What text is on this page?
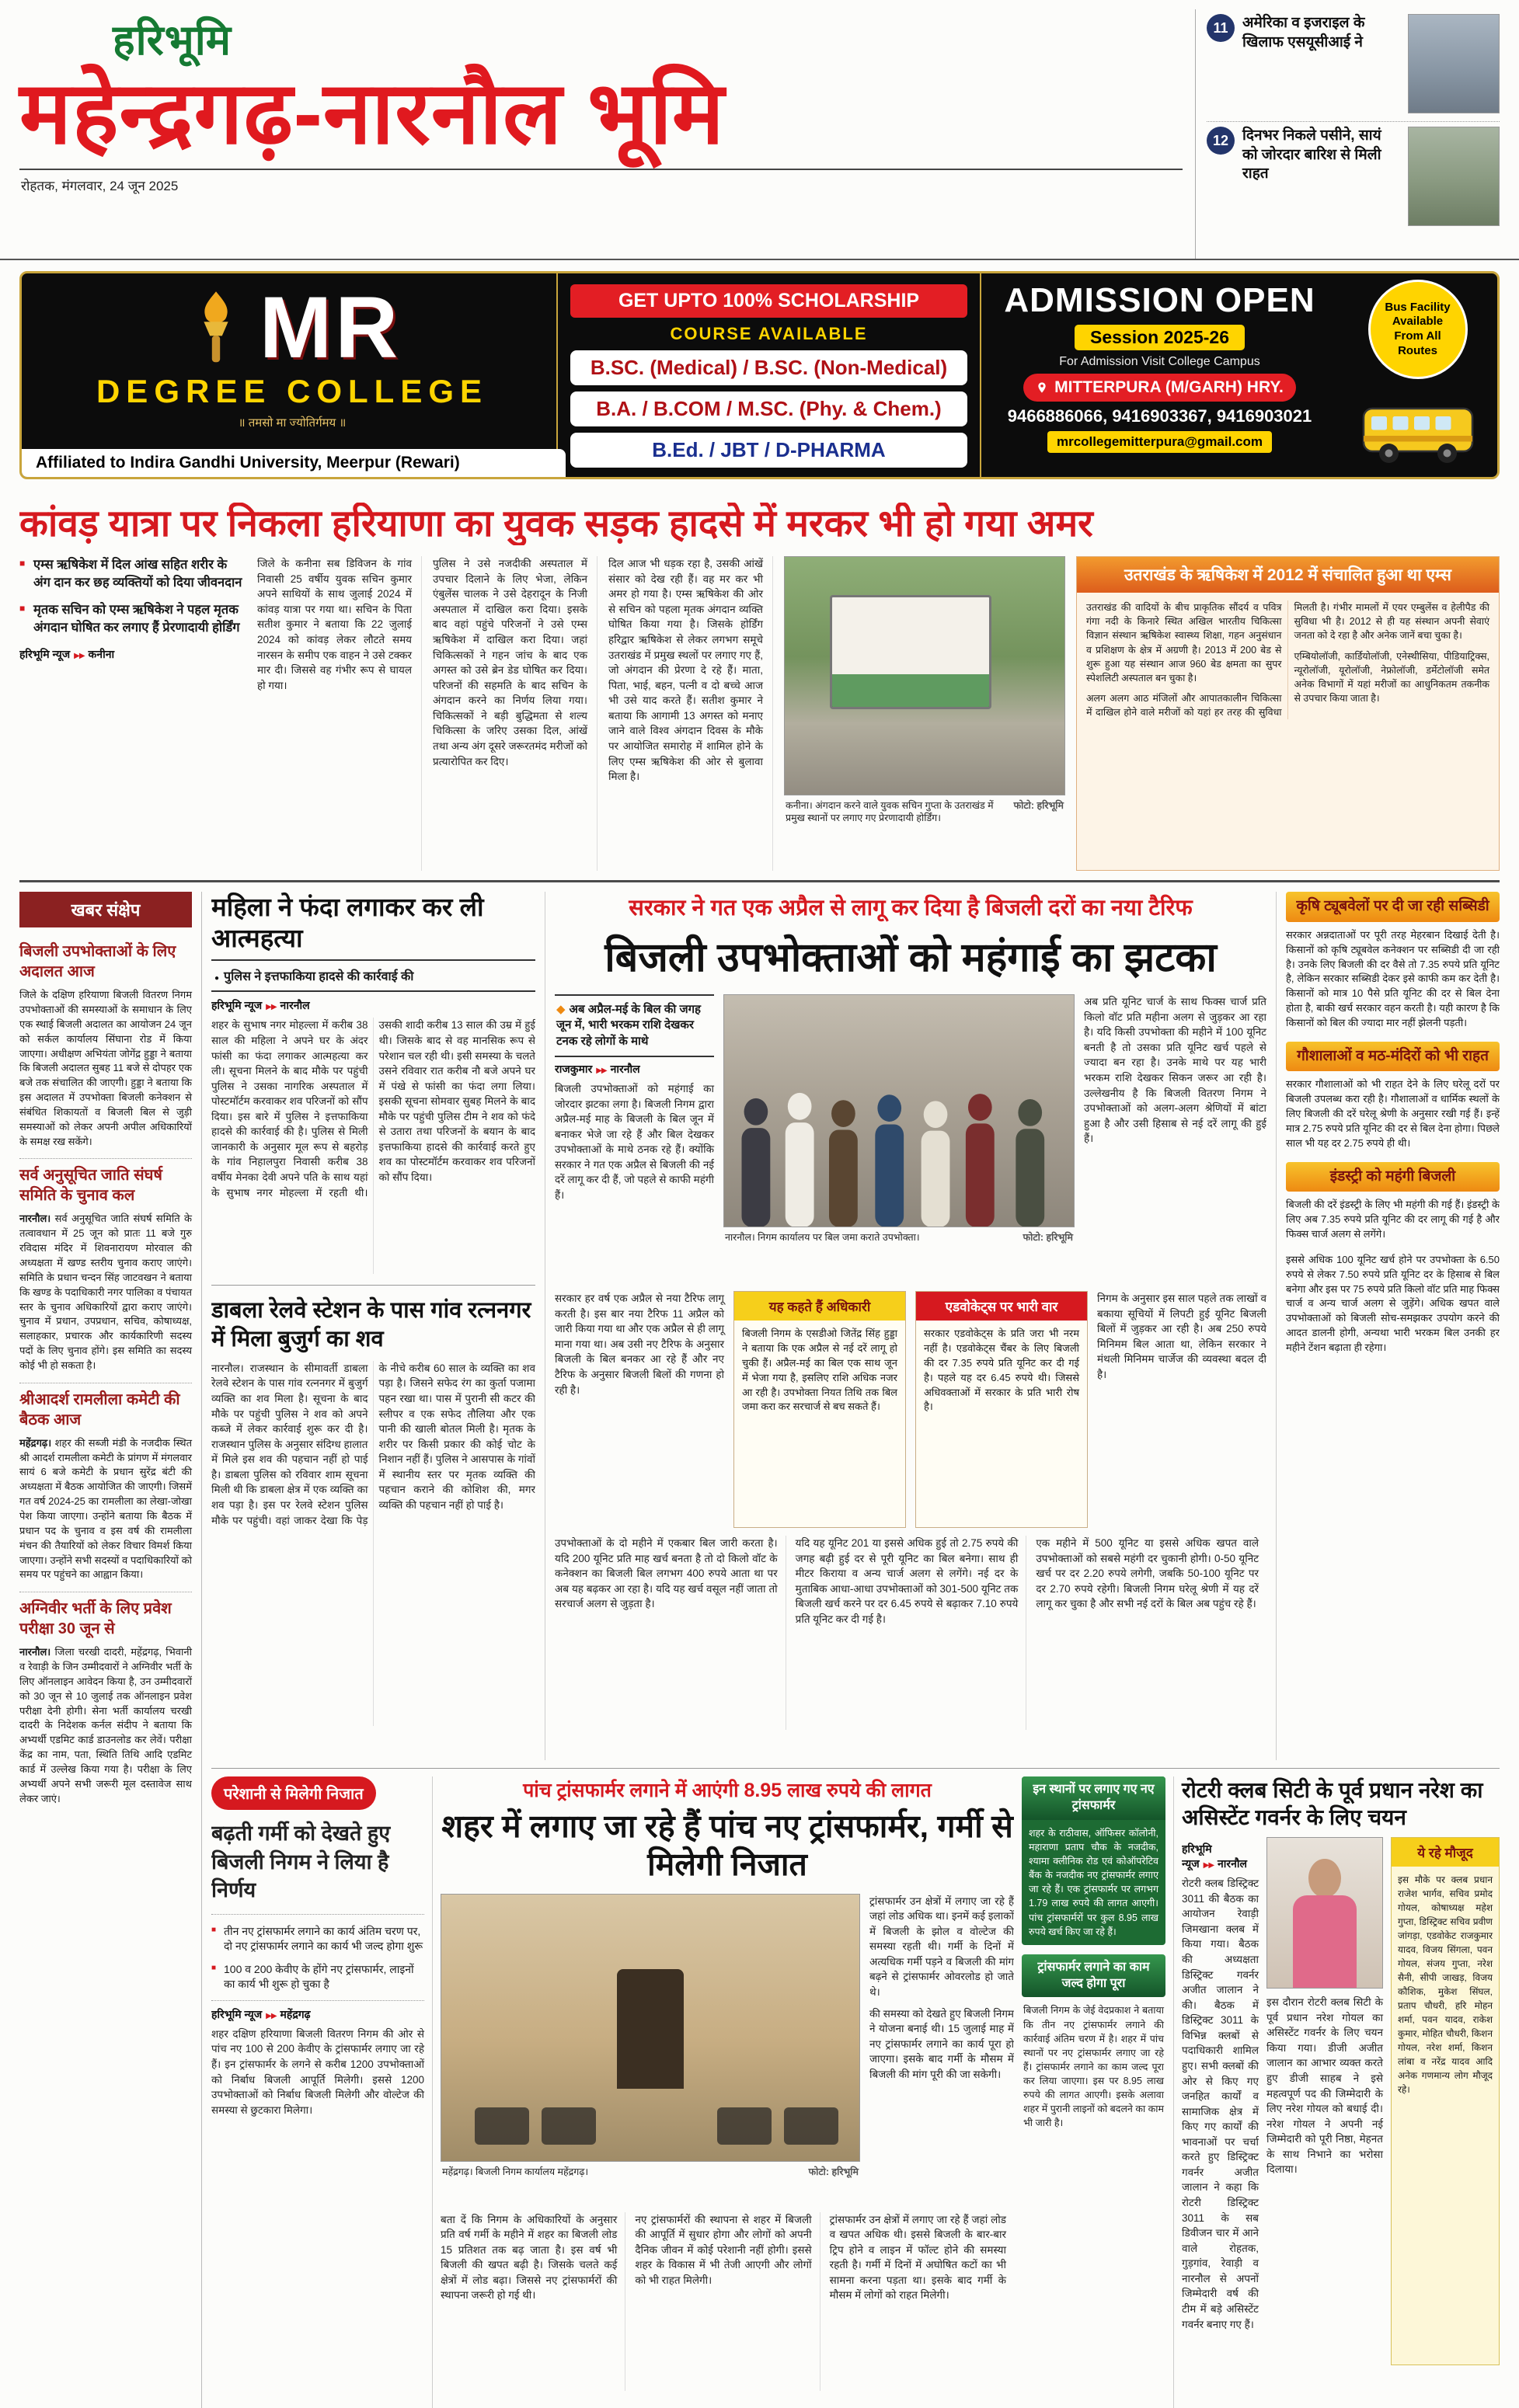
हरिभूमि
महेन्द्रगढ़-नारनौल भूमि
रोहतक, मंगलवार, 24 जून 2025
11 अमेरिका व इजराइल के खिलाफ एसयूसीआई ने

12 दिनभर निकले पसीने, सायं को जोरदार बारिश से मिली राहत

MR
DEGREE COLLEGE
॥ तमसो मा ज्योतिर्गमय ॥
Affiliated to Indira Gandhi University, Meerpur (Rewari)
GET UPTO 100% SCHOLARSHIP
COURSE AVAILABLE
B.SC. (Medical) / B.SC. (Non-Medical)
B.A. / B.COM / M.SC. (Phy. & Chem.)
B.Ed. / JBT / D-PHARMA
ADMISSION OPEN
Session 2025-26
For Admission Visit College Campus
MITTERPURA (M/GARH) HRY.
9466886066, 9416903367, 9416903021
mrcollegemitterpura@gmail.com
Bus Facility Available From All Routes
कांवड़ यात्रा पर निकला हरियाणा का युवक सड़क हादसे में मरकर भी हो गया अमर

■ एम्स ऋषिकेश में दिल आंख सहित शरीर के अंग दान कर छह व्यक्तियों को दिया जीवनदान

■ मृतक सचिन को एम्स ऋषिकेश ने पहल मृतक अंगदान घोषित कर लगाए हैं प्रेरणादायी होर्डिंग

हरिभूमि न्यूज ▶▶ कनीना

जिले के कनीना सब डिविजन के गांव निवासी 25 वर्षीय युवक सचिन कुमार अपने साथियों के साथ जुलाई 2024 में कांवड़ यात्रा पर गया था। सचिन के पिता सतीश कुमार ने बताया कि 22 जुलाई 2024 को कांवड़ लेकर लौटते समय नारसन के समीप एक वाहन ने उसे टक्कर मार दी। जिससे वह गंभीर रूप से घायल हो गया।

पुलिस ने उसे नजदीकी अस्पताल में उपचार दिलाने के लिए भेजा, लेकिन एंबुलेंस चालक ने उसे देहरादून के निजी अस्पताल में दाखिल करा दिया। इसके बाद वहां पहुंचे परिजनों ने उसे एम्स ऋषिकेश में दाखिल करा दिया। जहां चिकित्सकों ने गहन जांच के बाद एक अगस्त को उसे ब्रेन डेड घोषित कर दिया। परिजनों की सहमति के बाद सचिन के अंगदान करने का निर्णय लिया गया। चिकित्सकों ने बड़ी बुद्धिमता से शल्य चिकित्सा के जरिए उसका दिल, आंखें तथा अन्य अंग दूसरे जरूरतमंद मरीजों को प्रत्यारोपित कर दिए।

दिल आज भी धड़क रहा है, उसकी आंखें संसार को देख रही हैं। वह मर कर भी अमर हो गया है। एम्स ऋषिकेश की ओर से सचिन को पहला मृतक अंगदान व्यक्ति घोषित किया गया है। जिसके होर्डिंग हरिद्वार ऋषिकेश से लेकर लगभग समूचे उतराखंड में प्रमुख स्थलों पर लगाए गए हैं, जो अंगदान की प्रेरणा दे रहे हैं। माता, पिता, भाई, बहन, पत्नी व दो बच्चे आज भी उसे याद करते हैं। सतीश कुमार ने बताया कि आगामी 13 अगस्त को मनाए जाने वाले विश्व अंगदान दिवस के मौके पर आयोजित समारोह में शामिल होने के लिए एम्स ऋषिकेश की ओर से बुलावा मिला है।

फोटो: हरिभूमि
कनीना। अंगदान करने वाले युवक सचिन गुप्ता के उतराखंड में प्रमुख स्थानों पर लगाए गए प्रेरणादायी होर्डिंग।
उतराखंड के ऋषिकेश में 2012 में संचालित हुआ था एम्स

उतराखंड की वादियों के बीच प्राकृतिक सौंदर्य व पवित्र गंगा नदी के किनारे स्थित अखिल भारतीय चिकित्सा विज्ञान संस्थान ऋषिकेश स्वास्थ्य शिक्षा, गहन अनुसंधान व प्रशिक्षण के क्षेत्र में अग्रणी है। 2013 में 200 बेड से शुरू हुआ यह संस्थान आज 960 बेड क्षमता का सुपर स्पेशलिटी अस्पताल बन चुका है।

अलग अलग आठ मंजिलों और आपातकालीन चिकित्सा में दाखिल होने वाले मरीजों को यहां हर तरह की सुविधा मिलती है। गंभीर मामलों में एयर एम्बुलेंस व हेलीपैड की सुविधा भी है। 2012 से ही यह संस्थान अपनी सेवाएं जनता को दे रहा है और अनेक जानें बचा चुका है।

एम्बियोलॉजी, कार्डियोलॉजी, एनेस्थीसिया, पीडियाट्रिक्स, न्यूरोलॉजी, यूरोलॉजी, नेफ्रोलॉजी, डर्मेटोलॉजी समेत अनेक विभागों में यहां मरीजों का आधुनिकतम तकनीक से उपचार किया जाता है।

खबर संक्षेप
बिजली उपभोक्ताओं के लिए अदालत आज

जिले के दक्षिण हरियाणा बिजली वितरण निगम उपभोक्ताओं की समस्याओं के समाधान के लिए एक स्थाई बिजली अदालत का आयोजन 24 जून को सर्कल कार्यालय सिंघाना रोड में किया जाएगा। अधीक्षण अभियंता जोगेंद्र हुड्डा ने बताया कि बिजली अदालत सुबह 11 बजे से दोपहर एक बजे तक संचालित की जाएगी। हुड्डा ने बताया कि इस अदालत में उपभोक्ता बिजली कनेक्शन से संबंधित शिकायतों व बिजली बिल से जुड़ी समस्याओं को लेकर अपनी अपील अधिकारियों के समक्ष रख सकेंगे।

सर्व अनुसूचित जाति संघर्ष समिति के चुनाव कल

नारनौल। सर्व अनुसूचित जाति संघर्ष समिति के तत्वावधान में 25 जून को प्रातः 11 बजे गुरु रविदास मंदिर में शिवनारायण मोरवाल की अध्यक्षता में खण्ड स्तरीय चुनाव कराए जाएंगे। समिति के प्रधान चन्दन सिंह जाटवखन ने बताया कि खण्ड के पदाधिकारी नगर पालिका व पंचायत स्तर के चुनाव अधिकारियों द्वारा कराए जाएंगे। चुनाव में प्रधान, उपप्रधान, सचिव, कोषाध्यक्ष, सलाहकार, प्रचारक और कार्यकारिणी सदस्य पदों के लिए चुनाव होंगे। इस समिति का सदस्य कोई भी हो सकता है।

श्रीआदर्श रामलीला कमेटी की बैठक आज

महेंद्रगढ़। शहर की सब्जी मंडी के नजदीक स्थित श्री आदर्श रामलीला कमेटी के प्रांगण में मंगलवार सायं 6 बजे कमेटी के प्रधान सुरेंद्र बंटी की अध्यक्षता में बैठक आयोजित की जाएगी। जिसमें गत वर्ष 2024-25 का रामलीला का लेखा-जोखा पेश किया जाएगा। उन्होंने बताया कि बैठक में प्रधान पद के चुनाव व इस वर्ष की रामलीला मंचन की तैयारियों को लेकर विचार विमर्श किया जाएगा। उन्होंने सभी सदस्यों व पदाधिकारियों को समय पर पहुंचने का आह्वान किया।

अग्निवीर भर्ती के लिए प्रवेश परीक्षा 30 जून से

नारनौल। जिला चरखी दादरी, महेंद्रगढ़, भिवानी व रेवाड़ी के जिन उम्मीदवारों ने अग्निवीर भर्ती के लिए ऑनलाइन आवेदन किया है, उन उम्मीदवारों को 30 जून से 10 जुलाई तक ऑनलाइन प्रवेश परीक्षा देनी होगी। सेना भर्ती कार्यालय चरखी दादरी के निदेशक कर्नल संदीप ने बताया कि अभ्यर्थी एडमिट कार्ड डाउनलोड कर लेवें। परीक्षा केंद्र का नाम, पता, स्थिति तिथि आदि एडमिट कार्ड में उल्लेख किया गया है। परीक्षा के लिए अभ्यर्थी अपने सभी जरूरी मूल दस्तावेज साथ लेकर जाएं।

महिला ने फंदा लगाकर कर ली आत्महत्या
● पुलिस ने इत्तफाकिया हादसे की कार्रवाई की
हरिभूमि न्यूज ▶▶ नारनौल
शहर के सुभाष नगर मोहल्ला में करीब 38 साल की महिला ने अपने घर के अंदर फांसी का फंदा लगाकर आत्महत्या कर ली। सूचना मिलने के बाद मौके पर पहुंची पुलिस ने उसका नागरिक अस्पताल में पोस्टमॉर्टम करवाकर शव परिजनों को सौंप दिया। इस बारे में पुलिस ने इत्तफाकिया हादसे की कार्रवाई की है। पुलिस से मिली जानकारी के अनुसार मूल रूप से बहरोड़ के गांव निहालपुरा निवासी करीब 38 वर्षीय मेनका देवी अपने पति के साथ यहां के सुभाष नगर मोहल्ला में रहती थी। उसकी शादी करीब 13 साल की उम्र में हुई थी। जिसके बाद से वह मानसिक रूप से परेशान चल रही थी। इसी समस्या के चलते उसने रविवार रात करीब नौ बजे अपने घर में पंखे से फांसी का फंदा लगा लिया। इसकी सूचना सोमवार सुबह मिलने के बाद मौके पर पहुंची पुलिस टीम ने शव को फंदे से उतारा तथा परिजनों के बयान के बाद इत्तफाकिया हादसे की कार्रवाई करते हुए शव का पोस्टमॉर्टम करवाकर शव परिजनों को सौंप दिया।
डाबला रेलवे स्टेशन के पास गांव रत्ननगर में मिला बुजुर्ग का शव
नारनौल। राजस्थान के सीमावर्ती डाबला रेलवे स्टेशन के पास गांव रत्ननगर में बुजुर्ग व्यक्ति का शव मिला है। सूचना के बाद मौके पर पहुंची पुलिस ने शव को अपने कब्जे में लेकर कार्रवाई शुरू कर दी है। राजस्थान पुलिस के अनुसार संदिग्ध हालात में मिले इस शव की पहचान नहीं हो पाई है। डाबला पुलिस को रविवार शाम सूचना मिली थी कि डाबला क्षेत्र में एक व्यक्ति का शव पड़ा है। इस पर रेलवे स्टेशन पुलिस मौके पर पहुंची। वहां जाकर देखा कि पेड़ के नीचे करीब 60 साल के व्यक्ति का शव पड़ा है। जिसने सफेद रंग का कुर्ता पजामा पहन रखा था। पास में पुरानी सी कटर की स्लीपर व एक सफेद तौलिया और एक पानी की खाली बोतल मिली है। मृतक के शरीर पर किसी प्रकार की कोई चोट के निशान नहीं हैं। पुलिस ने आसपास के गांवों में स्थानीय स्तर पर मृतक व्यक्ति की पहचान कराने की कोशिश की, मगर व्यक्ति की पहचान नहीं हो पाई है।
सरकार ने गत एक अप्रैल से लागू कर दिया है बिजली दरों का नया टैरिफ
बिजली उपभोक्ताओं को महंगाई का झटका
◆ अब अप्रैल-मई के बिल की जगह जून में, भारी भरकम राशि देखकर टनक रहे लोगों के माथे
राजकुमार ▶▶ नारनौल

बिजली उपभोक्ताओं को महंगाई का जोरदार झटका लगा है। बिजली निगम द्वारा अप्रैल-मई माह के बिजली के बिल जून में बनाकर भेजे जा रहे हैं और बिल देखकर उपभोक्ताओं के माथे ठनक रहे हैं। क्योंकि सरकार ने गत एक अप्रैल से बिजली की नई दरें लागू कर दी हैं, जो पहले से काफी महंगी हैं।

फोटो: हरिभूमि
नारनौल। निगम कार्यालय पर बिल जमा कराते उपभोक्ता।

अब प्रति यूनिट चार्ज के साथ फिक्स चार्ज प्रति किलो वॉट प्रति महीना अलग से जुड़कर आ रहा है। यदि किसी उपभोक्ता की महीने में 100 यूनिट बनती है तो उसका प्रति यूनिट खर्च पहले से ज्यादा बन रहा है। उनके माथे पर यह भारी भरकम राशि देखकर सिकन जरूर आ रही है। उल्लेखनीय है कि बिजली वितरण निगम ने उपभोक्ताओं को अलग-अलग श्रेणियों में बांटा हुआ है और उसी हिसाब से नई दरें लागू की हुई हैं।

सरकार हर वर्ष एक अप्रैल से नया टैरिफ लागू करती है। इस बार नया टैरिफ 11 अप्रैल को जारी किया गया था और एक अप्रैल से ही लागू माना गया था। अब उसी नए टैरिफ के अनुसार बिजली के बिल बनकर आ रहे हैं और नए टैरिफ के अनुसार बिजली बिलों की गणना हो रही है।

यह कहते हैं अधिकारी

बिजली निगम के एसडीओ जितेंद्र सिंह हुड्डा ने बताया कि एक अप्रैल से नई दरें लागू हो चुकी हैं। अप्रैल-मई का बिल एक साथ जून में भेजा गया है, इसलिए राशि अधिक नजर आ रही है। उपभोक्ता नियत तिथि तक बिल जमा करा कर सरचार्ज से बच सकते हैं।

एडवोकेट्स पर भारी वार

सरकार एडवोकेट्स के प्रति जरा भी नरम नहीं है। एडवोकेट्स चैंबर के लिए बिजली की दर 7.35 रुपये प्रति यूनिट कर दी गई है। पहले यह दर 6.45 रुपये थी। जिससे अधिवक्ताओं में सरकार के प्रति भारी रोष है।

निगम के अनुसार इस साल पहले तक लाखों व बकाया सूचियों में लिपटी हुई यूनिट बिजली बिलों में जुड़कर आ रही है। अब 250 रुपये मिनिमम बिल आता था, लेकिन सरकार ने मंथली मिनिमम चार्जेज की व्यवस्था बदल दी है।

उपभोक्ताओं के दो महीने में एकबार बिल जारी करता है। यदि 200 यूनिट प्रति माह खर्च बनता है तो दो किलो वॉट के कनेक्शन का बिजली बिल लगभग 400 रुपये आता था पर अब यह बढ़कर आ रहा है। यदि यह खर्च वसूल नहीं जाता तो सरचार्ज अलग से जुड़ता है।

यदि यह यूनिट 201 या इससे अधिक हुई तो 2.75 रुपये की जगह बढ़ी हुई दर से पूरी यूनिट का बिल बनेगा। साथ ही मीटर किराया व अन्य चार्ज अलग से लगेंगे। नई दर के मुताबिक आधा-आधा उपभोक्ताओं को 301-500 यूनिट तक बिजली खर्च करने पर दर 6.45 रुपये से बढ़ाकर 7.10 रुपये प्रति यूनिट कर दी गई है।

एक महीने में 500 यूनिट या इससे अधिक खपत वाले उपभोक्ताओं को सबसे महंगी दर चुकानी होगी। 0-50 यूनिट खर्च पर दर 2.20 रुपये लगेगी, जबकि 50-100 यूनिट पर दर 2.70 रुपये रहेगी। बिजली निगम घरेलू श्रेणी में यह दरें लागू कर चुका है और सभी नई दरों के बिल अब पहुंच रहे हैं।

कृषि ट्यूबवेलों पर दी जा रही सब्सिडी

सरकार अन्नदाताओं पर पूरी तरह मेहरबान दिखाई देती है। किसानों को कृषि ट्यूबवेल कनेक्शन पर सब्सिडी दी जा रही है। उनके लिए बिजली की दर वैसे तो 7.35 रुपये प्रति यूनिट है, लेकिन सरकार सब्सिडी देकर इसे काफी कम कर देती है। किसानों को मात्र 10 पैसे प्रति यूनिट की दर से बिल देना होता है, बाकी खर्च सरकार वहन करती है। यही कारण है कि किसानों को बिल की ज्यादा मार नहीं झेलनी पड़ती।

गौशालाओं व मठ-मंदिरों को भी राहत

सरकार गौशालाओं को भी राहत देने के लिए घरेलू दरों पर बिजली उपलब्ध करा रही है। गौशालाओं व धार्मिक स्थलों के लिए बिजली की दरें घरेलू श्रेणी के अनुसार रखी गई हैं। इन्हें मात्र 2.75 रुपये प्रति यूनिट की दर से बिल देना होगा। पिछले साल भी यह दर 2.75 रुपये ही थी।

इंडस्ट्री को महंगी बिजली

बिजली की दरें इंडस्ट्री के लिए भी महंगी की गई हैं। इंडस्ट्री के लिए अब 7.35 रुपये प्रति यूनिट की दर लागू की गई है और फिक्स चार्ज अलग से लगेंगे।

इससे अधिक 100 यूनिट खर्च होने पर उपभोक्ता के 6.50 रुपये से लेकर 7.50 रुपये प्रति यूनिट दर के हिसाब से बिल बनेगा और इस पर 75 रुपये प्रति किलो वॉट प्रति माह फिक्स चार्ज व अन्य चार्ज अलग से जुड़ेंगे। अधिक खपत वाले उपभोक्ताओं को बिजली सोच-समझकर उपयोग करने की आदत डालनी होगी, अन्यथा भारी भरकम बिल उनकी हर महीने टेंशन बढ़ाता ही रहेगा।

परेशानी से मिलेगी निजात
बढ़ती गर्मी को देखते हुए बिजली निगम ने लिया है निर्णय

■ तीन नए ट्रांसफार्मर लगाने का कार्य अंतिम चरण पर, दो नए ट्रांसफार्मर लगाने का कार्य भी जल्द होगा शुरू

■ 100 व 200 केवीए के होंगे नए ट्रांसफार्मर, लाइनों का कार्य भी शुरू हो चुका है

हरिभूमि न्यूज ▶▶ महेंद्रगढ़

शहर दक्षिण हरियाणा बिजली वितरण निगम की ओर से पांच नए 100 से 200 केवीए के ट्रांसफार्मर लगाए जा रहे हैं। इन ट्रांसफार्मर के लगने से करीब 1200 उपभोक्ताओं को निर्बाध बिजली आपूर्ति मिलेगी। इससे 1200 उपभोक्ताओं को निर्बाध बिजली मिलेगी और वोल्टेज की समस्या से छुटकारा मिलेगा।

पांच ट्रांसफार्मर लगाने में आएंगी 8.95 लाख रुपये की लागत
शहर में लगाए जा रहे हैं पांच नए ट्रांसफार्मर, गर्मी से मिलेगी निजात
फोटो: हरिभूमि
महेंद्रगढ़। बिजली निगम कार्यालय महेंद्रगढ़।

ट्रांसफार्मर उन क्षेत्रों में लगाए जा रहे हैं जहां लोड अधिक था। इनमें कई इलाकों में बिजली के झोल व वोल्टेज की समस्या रहती थी। गर्मी के दिनों में अत्यधिक गर्मी पड़ने व बिजली की मांग बढ़ने से ट्रांसफार्मर ओवरलोड हो जाते थे।

की समस्या को देखते हुए बिजली निगम ने योजना बनाई थी। 15 जुलाई माह में नए ट्रांसफार्मर लगाने का कार्य पूरा हो जाएगा। इसके बाद गर्मी के मौसम में बिजली की मांग पूरी की जा सकेगी।

बता दें कि निगम के अधिकारियों के अनुसार प्रति वर्ष गर्मी के महीने में शहर का बिजली लोड 15 प्रतिशत तक बढ़ जाता है। इस वर्ष भी बिजली की खपत बढ़ी है। जिसके चलते कई क्षेत्रों में लोड बढ़ा। जिससे नए ट्रांसफार्मरों की स्थापना जरूरी हो गई थी।

नए ट्रांसफार्मरों की स्थापना से शहर में बिजली की आपूर्ति में सुधार होगा और लोगों को अपनी दैनिक जीवन में कोई परेशानी नहीं होगी। इससे शहर के विकास में भी तेजी आएगी और लोगों को भी राहत मिलेगी।

ट्रांसफार्मर उन क्षेत्रों में लगाए जा रहे हैं जहां लोड व खपत अधिक थी। इससे बिजली के बार-बार ट्रिप होने व लाइन में फॉल्ट होने की समस्या रहती है। गर्मी में दिनों में अघोषित कटों का भी सामना करना पड़ता था। इसके बाद गर्मी के मौसम में लोगों को राहत मिलेगी।

इन स्थानों पर लगाए गए नए ट्रांसफार्मर

शहर के राठीवास, ऑफिसर कॉलोनी, महाराणा प्रताप चौक के नजदीक, श्यामा क्लीनिक रोड एवं कोऑपरेटिव बैंक के नजदीक नए ट्रांसफार्मर लगाए जा रहे हैं। एक ट्रांसफार्मर पर लगभग 1.79 लाख रुपये की लागत आएगी। पांच ट्रांसफार्मरों पर कुल 8.95 लाख रुपये खर्च किए जा रहे हैं।

ट्रांसफार्मर लगाने का काम जल्द होगा पूरा

बिजली निगम के जेई वेदप्रकाश ने बताया कि तीन नए ट्रांसफार्मर लगाने की कार्रवाई अंतिम चरण में है। शहर में पांच स्थानों पर नए ट्रांसफार्मर लगाए जा रहे हैं। ट्रांसफार्मर लगाने का काम जल्द पूरा कर लिया जाएगा। इस पर 8.95 लाख रुपये की लागत आएगी। इसके अलावा शहर में पुरानी लाइनों को बदलने का काम भी जारी है।

रोटरी क्लब सिटी के पूर्व प्रधान नरेश का असिस्टेंट गवर्नर के लिए चयन
हरिभूमि न्यूज ▶▶ नारनौल

रोटरी क्लब डिस्ट्रिक्ट 3011 की बैठक का आयोजन रेवाड़ी जिमखाना क्लब में किया गया। बैठक की अध्यक्षता डिस्ट्रिक्ट गवर्नर अजीत जालान ने की। बैठक में डिस्ट्रिक्ट 3011 के विभिन्न क्लबों से पदाधिकारी शामिल हुए। सभी क्लबों की ओर से किए गए जनहित कार्यों व सामाजिक क्षेत्र में किए गए कार्यों की भावनाओं पर चर्चा करते हुए डिस्ट्रिक्ट गवर्नर अजीत जालान ने कहा कि रोटरी डिस्ट्रिक्ट 3011 के सब डिवीजन चार में आने वाले रोहतक, गुड़गांव, रेवाड़ी व नारनौल से अपनों जिम्मेदारी वर्ष की टीम में बड़े असिस्टेंट गवर्नर बनाए गए हैं।

इस दौरान रोटरी क्लब सिटी के पूर्व प्रधान नरेश गोयल का असिस्टेंट गवर्नर के लिए चयन किया गया। डीजी अजीत जालान का आभार व्यक्त करते हुए डीजी साहब ने इसे महत्वपूर्ण पद की जिम्मेदारी के लिए नरेश गोयल को बधाई दी। नरेश गोयल ने अपनी नई जिम्मेदारी को पूरी निष्ठा, मेहनत के साथ निभाने का भरोसा दिलाया।

ये रहे मौजूद

इस मौके पर क्लब प्रधान राजेश भार्गव, सचिव प्रमोद गोयल, कोषाध्यक्ष महेश गुप्ता, डिस्ट्रिक्ट सचिव प्रवीण जांगड़ा, एडवोकेट राजकुमार यादव, विजय सिंगला, पवन गोयल, संजय गुप्ता, नरेश सैनी, सीपी जाखड़, विजय कौशिक, मुकेश सिंघल, प्रताप चौधरी, हरि मोहन शर्मा, पवन यादव, राकेश कुमार, मोहित चौधरी, किशन गोयल, नरेश शर्मा, किशन लांबा व नरेंद्र यादव आदि अनेक गणमान्य लोग मौजूद रहे।
